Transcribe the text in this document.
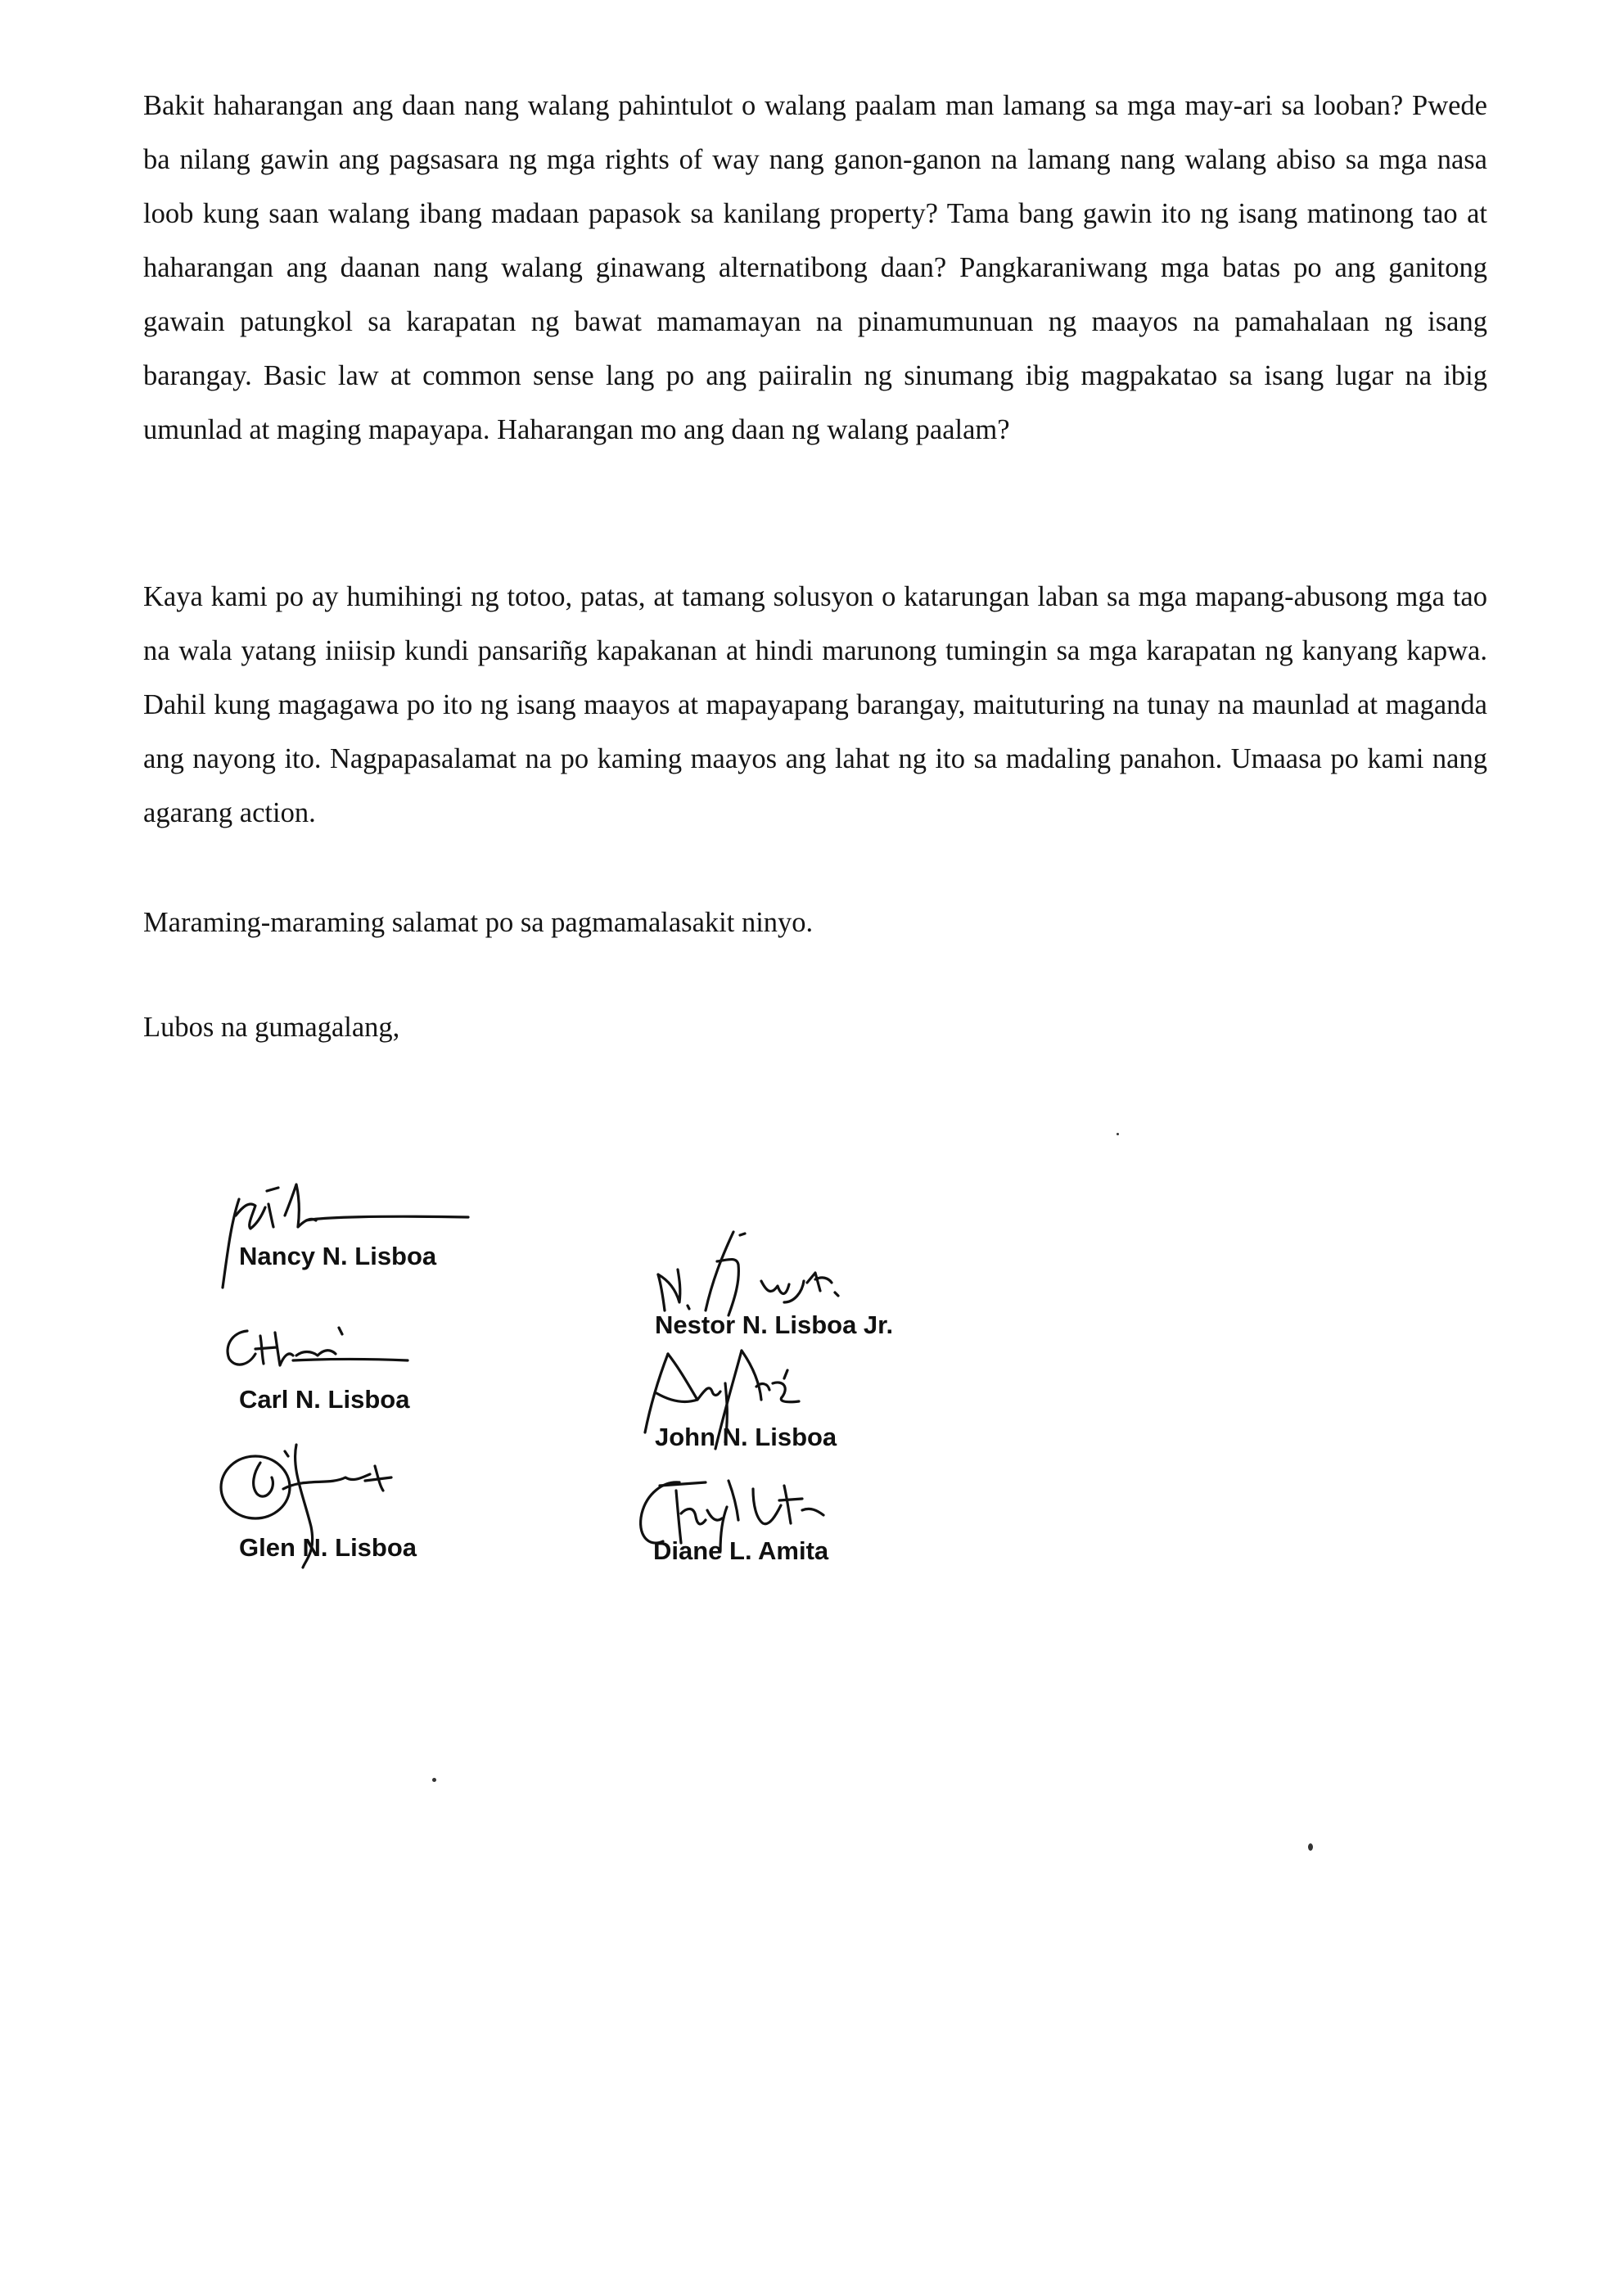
Bakit haharangan ang daan nang walang pahintulot o walang paalam man lamang sa mga may-ari sa looban? Pwede ba nilang gawin ang pagsasara ng mga rights of way nang ganon-ganon na lamang nang walang abiso sa mga nasa loob kung saan walang ibang madaan papasok sa kanilang property? Tama bang gawin ito ng isang matinong tao at haharangan ang daanan nang walang ginawang alternatibong daan? Pangkaraniwang mga batas po ang ganitong gawain patungkol sa karapatan ng bawat mamamayan na pinamumunuan ng maayos na pamahalaan ng isang barangay. Basic law at common sense lang po ang paiiralin ng sinumang ibig magpakatao sa isang lugar na ibig umunlad at maging mapayapa. Haharangan mo ang daan ng walang paalam?

Kaya kami po ay humihingi ng totoo, patas, at tamang solusyon o katarungan laban sa mga mapang-abusong mga tao na wala yatang iniisip kundi pansariñg kapakanan at hindi marunong tumingin sa mga karapatan ng kanyang kapwa. Dahil kung magagawa po ito ng isang maayos at mapayapang barangay, maituturing na tunay na maunlad at maganda ang nayong ito. Nagpapasalamat na po kaming maayos ang lahat ng ito sa madaling panahon. Umaasa po kami nang agarang action.

Maraming-maraming salamat po sa pagmamalasakit ninyo.

Lubos na gumagalang,

Nancy N. Lisboa
Carl N. Lisboa
Glen N. Lisboa
Nestor N. Lisboa Jr.
John N. Lisboa
Diane L. Amita
